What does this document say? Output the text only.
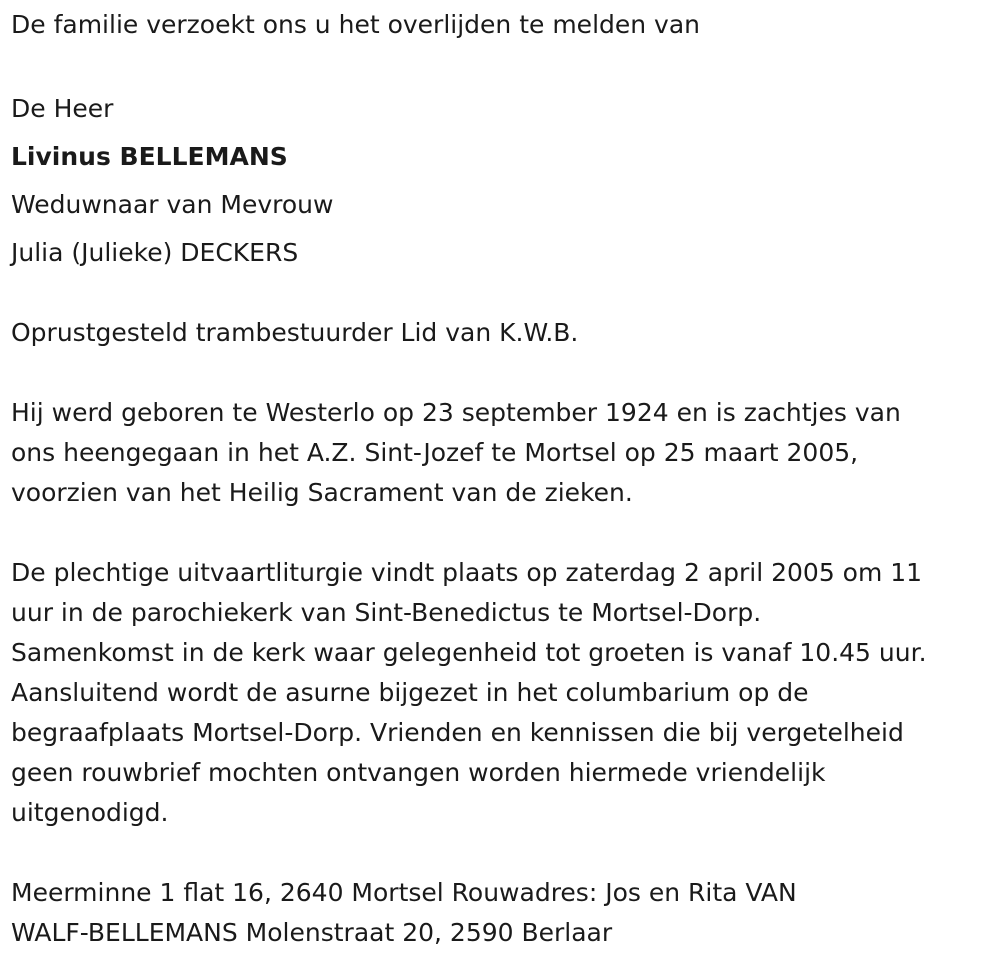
De familie verzoekt ons u het overlijden te melden van

De Heer

Livinus BELLEMANS

Weduwnaar van Mevrouw

Julia (Julieke) DECKERS

Oprustgesteld trambestuurder Lid van K.W.B.

Hij werd geboren te Westerlo op 23 september 1924 en is zachtjes van

ons heengegaan in het A.Z. Sint-Jozef te Mortsel op 25 maart 2005,

voorzien van het Heilig Sacrament van de zieken.

De plechtige uitvaartliturgie vindt plaats op zaterdag 2 april 2005 om 11

uur in de parochiekerk van Sint-Benedictus te Mortsel-Dorp.

Samenkomst in de kerk waar gelegenheid tot groeten is vanaf 10.45 uur.

Aansluitend wordt de asurne bijgezet in het columbarium op de

begraafplaats Mortsel-Dorp. Vrienden en kennissen die bij vergetelheid

geen rouwbrief mochten ontvangen worden hiermede vriendelijk

uitgenodigd.

Meerminne 1 flat 16, 2640 Mortsel Rouwadres: Jos en Rita VAN

WALF-BELLEMANS Molenstraat 20, 2590 Berlaar
